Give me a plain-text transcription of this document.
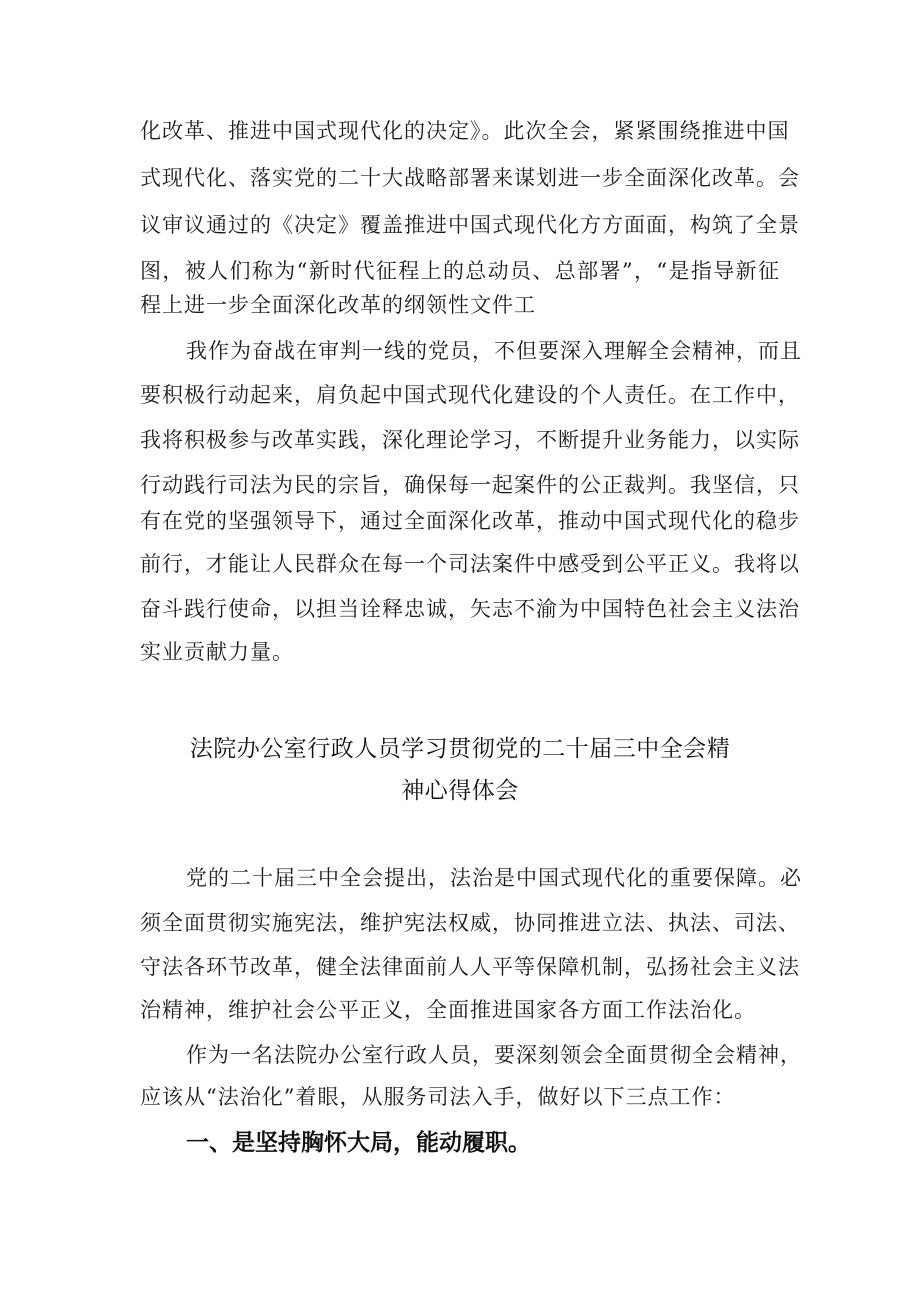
化改革、推进中国式现代化的决定》。此次全会，紧紧围绕推进中国
式现代化、落实党的二十大战略部署来谋划进一步全面深化改革。会
议审议通过的《决定》覆盖推进中国式现代化方方面面，构筑了全景
图，被人们称为“新时代征程上的总动员、总部署”，“是指导新征
程上进一步全面深化改革的纲领性文件工
我作为奋战在审判一线的党员，不但要深入理解全会精神，而且
要积极行动起来，肩负起中国式现代化建设的个人责任。在工作中，
我将积极参与改革实践，深化理论学习，不断提升业务能力，以实际
行动践行司法为民的宗旨，确保每一起案件的公正裁判。我坚信，只
有在党的坚强领导下，通过全面深化改革，推动中国式现代化的稳步
前行，才能让人民群众在每一个司法案件中感受到公平正义。我将以
奋斗践行使命，以担当诠释忠诚，矢志不渝为中国特色社会主义法治
实业贡献力量。
法院办公室行政人员学习贯彻党的二十届三中全会精
神心得体会
党的二十届三中全会提出，法治是中国式现代化的重要保障。必
须全面贯彻实施宪法，维护宪法权威，协同推进立法、执法、司法、
守法各环节改革，健全法律面前人人平等保障机制，弘扬社会主义法
治精神，维护社会公平正义，全面推进国家各方面工作法治化。
作为一名法院办公室行政人员，要深刻领会全面贯彻全会精神，
应该从“法治化”着眼，从服务司法入手，做好以下三点工作：
一、是坚持胸怀大局，能动履职。
